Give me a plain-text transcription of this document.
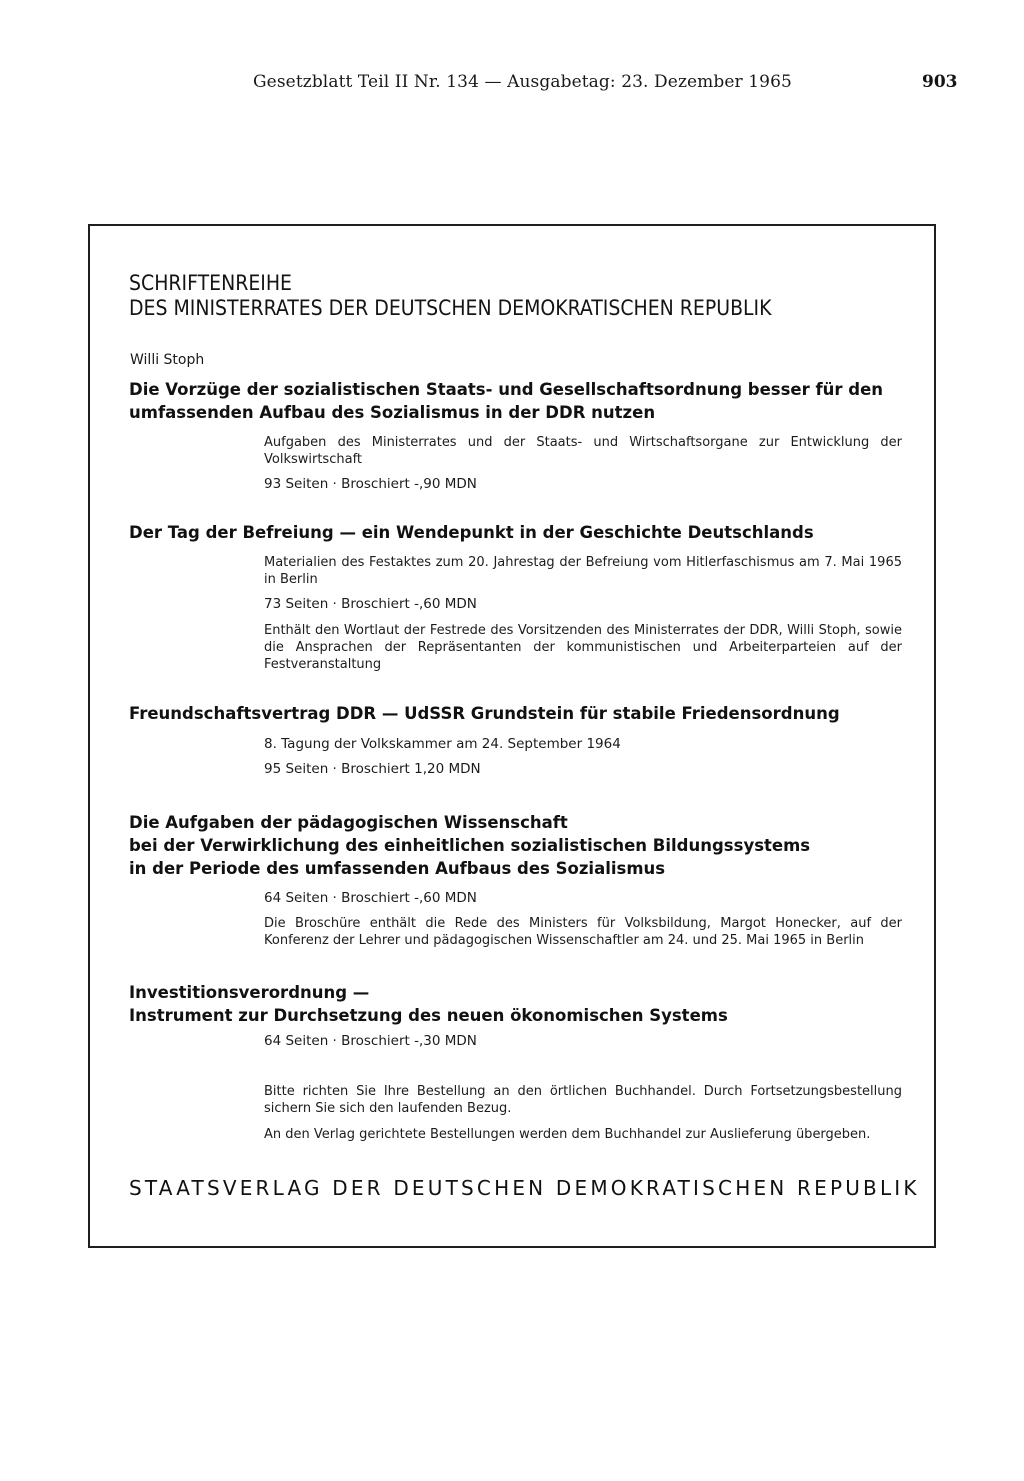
Gesetzblatt Teil II Nr. 134 — Ausgabetag: 23. Dezember 1965	903
SCHRIFTENREIHE
DES MINISTERRATES DER DEUTSCHEN DEMOKRATISCHEN REPUBLIK
Willi Stoph
Die Vorzüge der sozialistischen Staats- und Gesellschaftsordnung besser für den
umfassenden Aufbau des Sozialismus in der DDR nutzen
Aufgaben des Ministerrates und der Staats- und Wirtschaftsorgane zur Entwicklung der Volkswirtschaft
93 Seiten · Broschiert -,90 MDN
Der Tag der Befreiung — ein Wendepunkt in der Geschichte Deutschlands
Materialien des Festaktes zum 20. Jahrestag der Befreiung vom Hitlerfaschismus am 7. Mai 1965 in Berlin
73 Seiten · Broschiert -,60 MDN
Enthält den Wortlaut der Festrede des Vorsitzenden des Ministerrates der DDR, Willi Stoph, sowie die Ansprachen der Repräsentanten der kommunistischen und Arbeiterparteien auf der Festveranstaltung
Freundschaftsvertrag DDR — UdSSR Grundstein für stabile Friedensordnung
8. Tagung der Volkskammer am 24. September 1964
95 Seiten · Broschiert 1,20 MDN
Die Aufgaben der pädagogischen Wissenschaft
bei der Verwirklichung des einheitlichen sozialistischen Bildungssystems
in der Periode des umfassenden Aufbaus des Sozialismus
64 Seiten · Broschiert -,60 MDN
Die Broschüre enthält die Rede des Ministers für Volksbildung, Margot Honecker, auf der Konferenz der Lehrer und pädagogischen Wissenschaftler am 24. und 25. Mai 1965 in Berlin
Investitionsverordnung —
Instrument zur Durchsetzung des neuen ökonomischen Systems
64 Seiten · Broschiert -,30 MDN
Bitte richten Sie Ihre Bestellung an den örtlichen Buchhandel. Durch Fortsetzungsbestellung sichern Sie sich den laufenden Bezug.
An den Verlag gerichtete Bestellungen werden dem Buchhandel zur Auslieferung übergeben.
STAATSVERLAG DER DEUTSCHEN DEMOKRATISCHEN REPUBLIK
